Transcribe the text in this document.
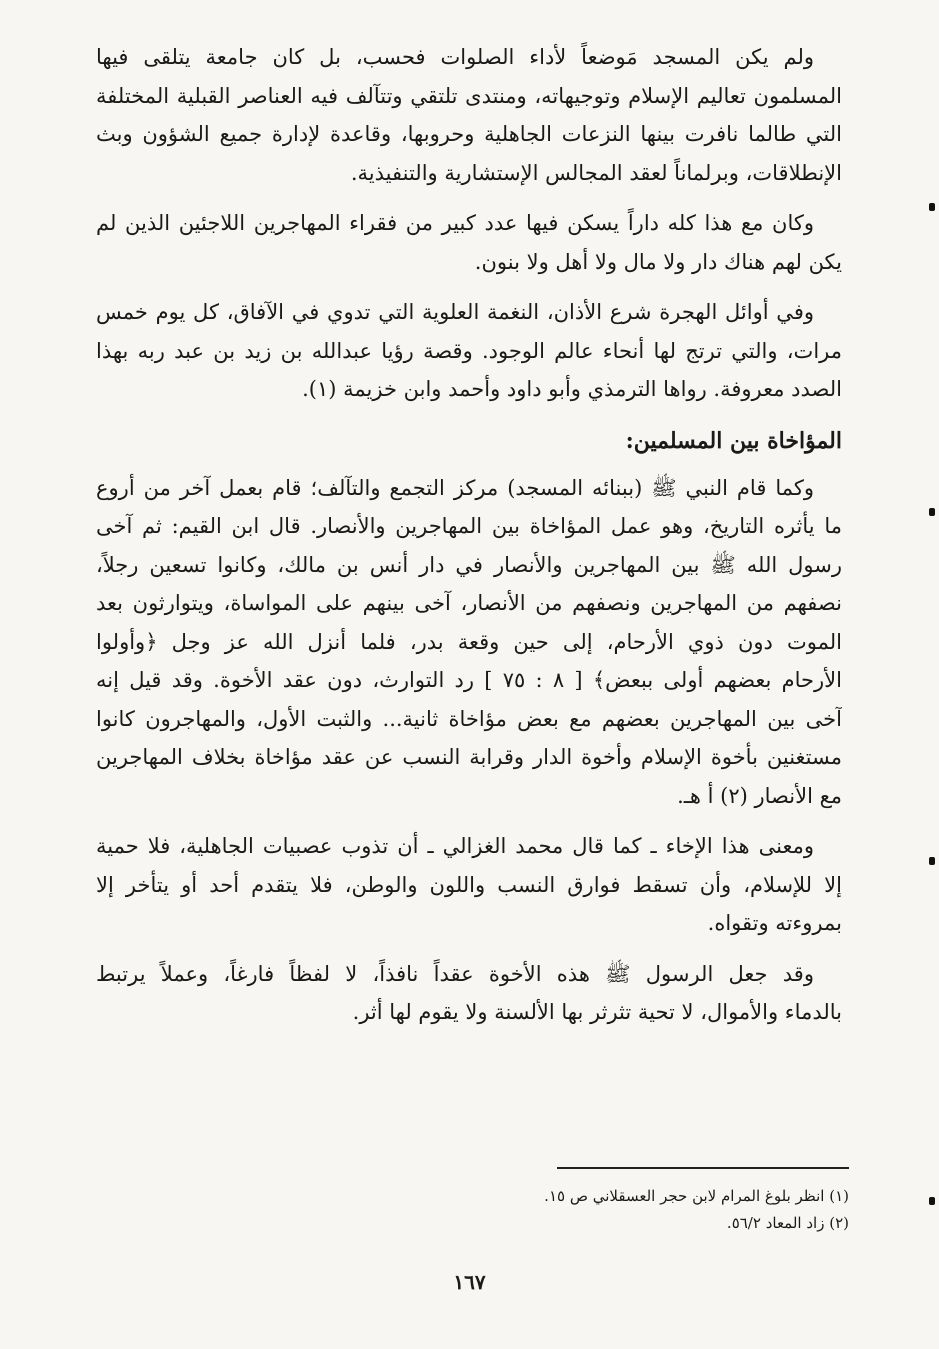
ولم يكن المسجد مَوضعاً لأداء الصلوات فحسب، بل كان جامعة يتلقى فيها
المسلمون تعاليم الإسلام وتوجيهاته، ومنتدى تلتقي وتتآلف فيه العناصر القبلية المختلفة
التي طالما نافرت بينها النزعات الجاهلية وحروبها، وقاعدة لإدارة جميع الشؤون وبث
الإنطلاقات، وبرلماناً لعقد المجالس الإستشارية والتنفيذية.
وكان مع هذا كله داراً يسكن فيها عدد كبير من فقراء المهاجرين اللاجئين الذين لم
يكن لهم هناك دار ولا مال ولا أهل ولا بنون.
وفي أوائل الهجرة شرع الأذان، النغمة العلوية التي تدوي في الآفاق، كل يوم خمس
مرات، والتي ترتج لها أنحاء عالم الوجود. وقصة رؤيا عبدالله بن زيد بن عبد ربه بهذا
الصدد معروفة. رواها الترمذي وأبو داود وأحمد وابن خزيمة (١).
المؤاخاة بين المسلمين:
وكما قام النبي ﷺ (ببنائه المسجد) مركز التجمع والتآلف؛ قام بعمل آخر من أروع
ما يأثره التاريخ، وهو عمل المؤاخاة بين المهاجرين والأنصار. قال ابن القيم: ثم آخى
رسول الله ﷺ بين المهاجرين والأنصار في دار أنس بن مالك، وكانوا تسعين رجلاً،
نصفهم من المهاجرين ونصفهم من الأنصار، آخى بينهم على المواساة، ويتوارثون بعد
الموت دون ذوي الأرحام، إلى حين وقعة بدر، فلما أنزل الله عز وجل ﴿وأولوا
الأرحام بعضهم أولى ببعض﴾ [ ٨ : ٧٥ ] رد التوارث، دون عقد الأخوة. وقد قيل إنه
آخى بين المهاجرين بعضهم مع بعض مؤاخاة ثانية... والثبت الأول، والمهاجرون كانوا
مستغنين بأخوة الإسلام وأخوة الدار وقرابة النسب عن عقد مؤاخاة بخلاف المهاجرين
مع الأنصار (٢) أ هـ.
ومعنى هذا الإخاء ـ كما قال محمد الغزالي ـ أن تذوب عصبيات الجاهلية، فلا حمية
إلا للإسلام، وأن تسقط فوارق النسب واللون والوطن، فلا يتقدم أحد أو يتأخر إلا
بمروءته وتقواه.
وقد جعل الرسول ﷺ هذه الأخوة عقداً نافذاً، لا لفظاً فارغاً، وعملاً يرتبط
بالدماء والأموال، لا تحية تثرثر بها الألسنة ولا يقوم لها أثر.
(١) انظر بلوغ المرام لابن حجر العسقلاني ص ١٥.
(٢) زاد المعاد ٥٦/٢.
١٦٧
